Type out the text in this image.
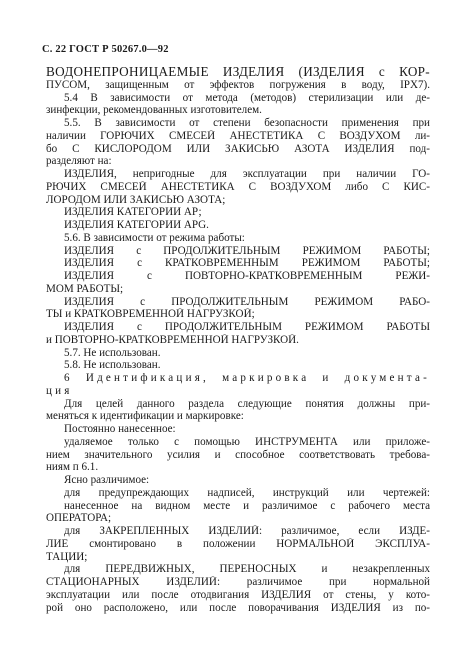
С. 22 ГОСТ Р 50267.0—92
ВОДОНЕПРОНИЦАЕМЫЕ ИЗДЕЛИЯ (ИЗДЕЛИЯ с КОР-
ПУСОМ, защищенным от эффектов погружения в воду, IPX7).
5.4 В зависимости от метода (методов) стерилизации или де-
зинфекции, рекомендованных изготовителем.
5.5. В зависимости от степени безопасности применения при
наличии ГОРЮЧИХ СМЕСЕЙ АНЕСТЕТИКА С ВОЗДУХОМ ли-
бо С КИСЛОРОДОМ ИЛИ ЗАКИСЬЮ АЗОТА ИЗДЕЛИЯ под-
разделяют на:
ИЗДЕЛИЯ, непригодные для эксплуатации при наличии ГО-
РЮЧИХ СМЕСЕЙ АНЕСТЕТИКА С ВОЗДУХОМ либо С КИС-
ЛОРОДОМ ИЛИ ЗАКИСЬЮ АЗОТА;
ИЗДЕЛИЯ КАТЕГОРИИ АР;
ИЗДЕЛИЯ КАТЕГОРИИ APG.
5.6. В зависимости от режима работы:
ИЗДЕЛИЯ с ПРОДОЛЖИТЕЛЬНЫМ РЕЖИМОМ РАБОТЫ;
ИЗДЕЛИЯ с КРАТКОВРЕМЕННЫМ РЕЖИМОМ РАБОТЫ;
ИЗДЕЛИЯ с ПОВТОРНО-КРАТКОВРЕМЕННЫМ РЕЖИ-
МОМ РАБОТЫ;
ИЗДЕЛИЯ с ПРОДОЛЖИТЕЛЬНЫМ РЕЖИМОМ РАБО-
ТЫ и КРАТКОВРЕМЕННОЙ НАГРУЗКОЙ;
ИЗДЕЛИЯ с ПРОДОЛЖИТЕЛЬНЫМ РЕЖИМОМ РАБОТЫ
и ПОВТОРНО-КРАТКОВРЕМЕННОЙ НАГРУЗКОЙ.
5.7. Не использован.
5.8. Не использован.
6 Идентификация, маркировка и документа-
ция
Для целей данного раздела следующие понятия должны при-
меняться к идентификации и маркировке:
Постоянно нанесенное:
удаляемое только с помощью ИНСТРУМЕНТА или приложе-
нием значительного усилия и способное соответствовать требова-
ниям п 6.1.
Ясно различимое:
для предупреждающих надписей, инструкций или чертежей:
нанесенное на видном месте и различимое с рабочего места
ОПЕРАТОРА;
для ЗАКРЕПЛЕННЫХ ИЗДЕЛИЙ: различимое, если ИЗДЕ-
ЛИЕ смонтировано в положении НОРМАЛЬНОЙ ЭКСПЛУА-
ТАЦИИ;
для ПЕРЕДВИЖНЫХ, ПЕРЕНОСНЫХ и незакрепленных
СТАЦИОНАРНЫХ ИЗДЕЛИЙ: различимое при нормальной
эксплуатации или после отодвигания ИЗДЕЛИЯ от стены, у кото-
рой оно расположено, или после поворачивания ИЗДЕЛИЯ из по-
